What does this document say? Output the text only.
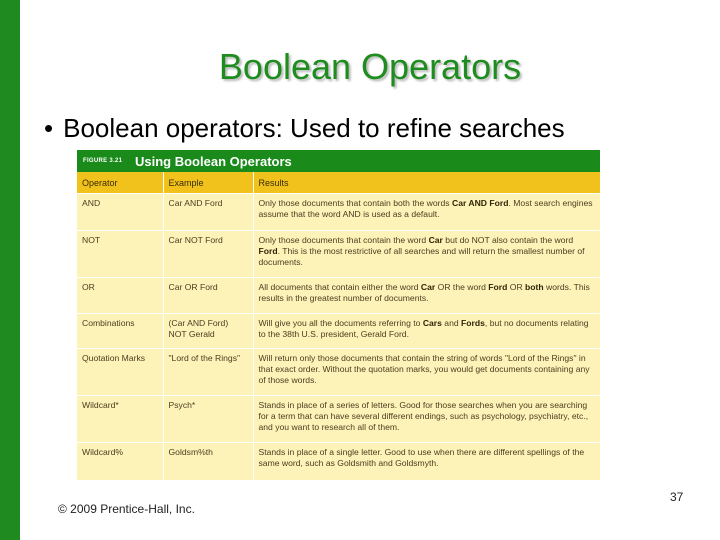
Boolean Operators
• Boolean operators: Used to refine searches
FIGURE 3.21 Using Boolean Operators
Operator	Example	Results
AND	Car AND Ford	Only those documents that contain both the words Car AND Ford. Most search engines assume that the word AND is used as a default.
NOT	Car NOT Ford	Only those documents that contain the word Car but do NOT also contain the word Ford. This is the most restrictive of all searches and will return the smallest number of documents.
OR	Car OR Ford	All documents that contain either the word Car OR the word Ford OR both words. This results in the greatest number of documents.
Combinations	(Car AND Ford) NOT Gerald	Will give you all the documents referring to Cars and Fords, but no documents relating to the 38th U.S. president, Gerald Ford.
Quotation Marks	"Lord of the Rings"	Will return only those documents that contain the string of words "Lord of the Rings" in that exact order. Without the quotation marks, you would get documents containing any of those words.
Wildcard*	Psych*	Stands in place of a series of letters. Good for those searches when you are searching for a term that can have several different endings, such as psychology, psychiatry, etc., and you want to research all of them.
Wildcard%	Goldsm%th	Stands in place of a single letter. Good to use when there are different spellings of the same word, such as Goldsmith and Goldsmyth.
© 2009 Prentice-Hall, Inc.
37
